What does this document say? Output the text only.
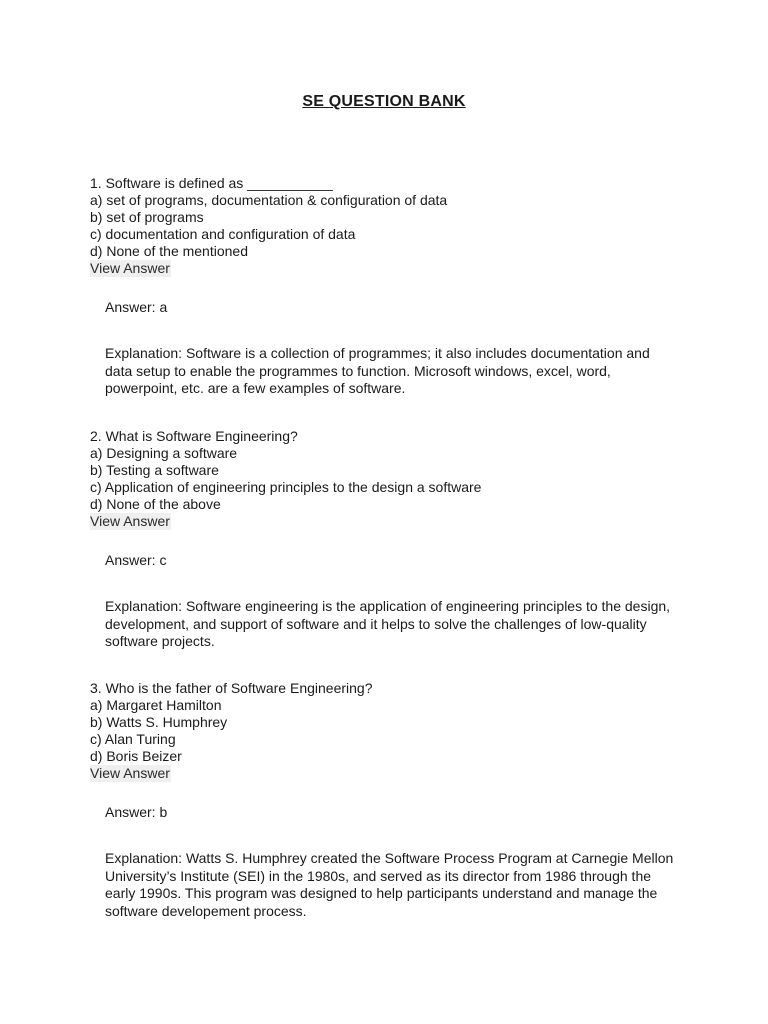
SE QUESTION BANK
1. Software is defined as ___________
a) set of programs, documentation & configuration of data
b) set of programs
c) documentation and configuration of data
d) None of the mentioned
View Answer
Answer: a
Explanation: Software is a collection of programmes; it also includes documentation and data setup to enable the programmes to function. Microsoft windows, excel, word, powerpoint, etc. are a few examples of software.
2. What is Software Engineering?
a) Designing a software
b) Testing a software
c) Application of engineering principles to the design a software
d) None of the above
View Answer
Answer: c
Explanation: Software engineering is the application of engineering principles to the design, development, and support of software and it helps to solve the challenges of low-quality software projects.
3. Who is the father of Software Engineering?
a) Margaret Hamilton
b) Watts S. Humphrey
c) Alan Turing
d) Boris Beizer
View Answer
Answer: b
Explanation: Watts S. Humphrey created the Software Process Program at Carnegie Mellon University’s Institute (SEI) in the 1980s, and served as its director from 1986 through the early 1990s. This program was designed to help participants understand and manage the software developement process.
